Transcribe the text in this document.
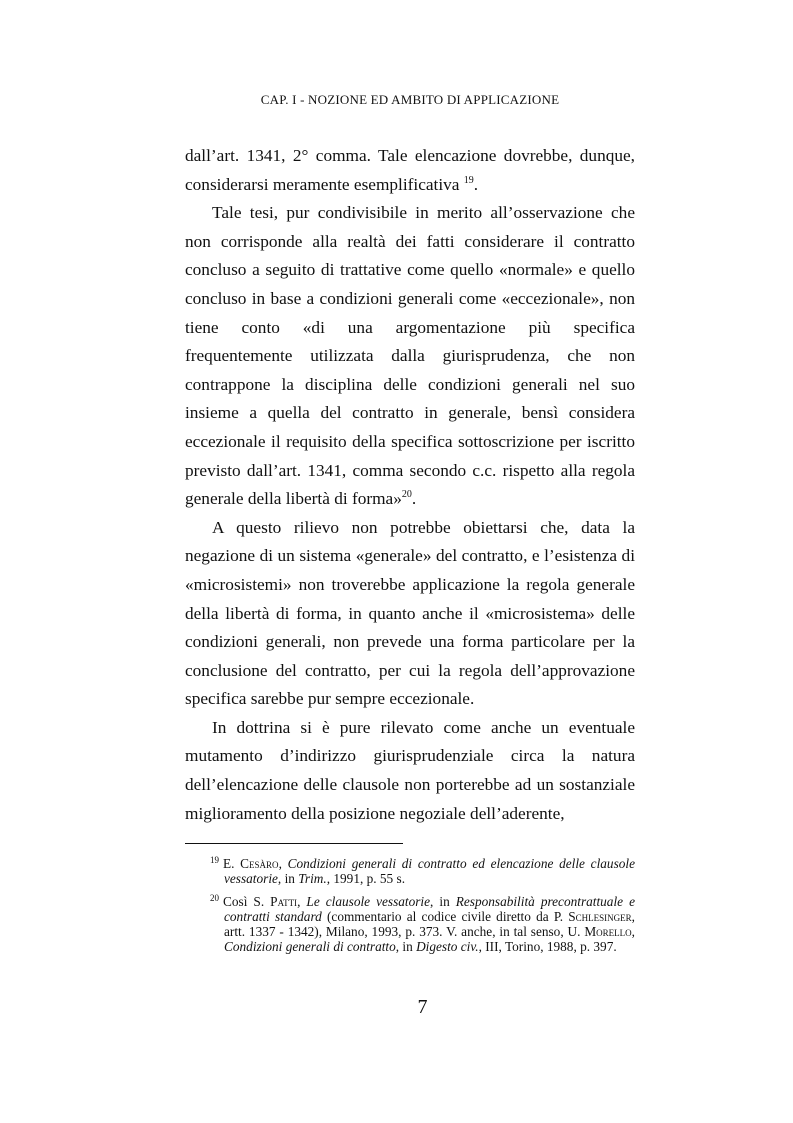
CAP. I - NOZIONE ED AMBITO DI APPLICAZIONE

dall’art. 1341, 2° comma. Tale elencazione dovrebbe, dunque, considerarsi meramente esemplificativa $^{19}$.

Tale tesi, pur condivisibile in merito all’osservazione che non corrisponde alla realtà dei fatti considerare il contratto concluso a seguito di trattative come quello «normale» e quello concluso in base a condizioni generali come «eccezionale», non tiene conto «di una argomentazione più specifica frequentemente utilizzata dalla giurisprudenza, che non contrappone la disciplina delle condizioni generali nel suo insieme a quella del contratto in generale, bensì considera eccezionale il requisito della specifica sottoscrizione per iscritto previsto dall’art. 1341, comma secondo c.c. rispetto alla regola generale della libertà di forma»$^{20}$.

A questo rilievo non potrebbe obiettarsi che, data la negazione di un sistema «generale» del contratto, e l’esistenza di «microsistemi» non troverebbe applicazione la regola generale della libertà di forma, in quanto anche il «microsistema» delle condizioni generali, non prevede una forma particolare per la conclusione del contratto, per cui la regola dell’approvazione specifica sarebbe pur sempre eccezionale.

In dottrina si è pure rilevato come anche un eventuale mutamento d’indirizzo giurisprudenziale circa la natura dell’elencazione delle clausole non porterebbe ad un sostanziale miglioramento della posizione negoziale dell’aderente,

$^{19}$ E. Cesàro, Condizioni generali di contratto ed elencazione delle clausole vessatorie, in Trim., 1991, p. 55 s.

$^{20}$ Così S. Patti, Le clausole vessatorie, in Responsabilità precontrattuale e contratti standard (commentario al codice civile diretto da P. Schlesinger, artt. 1337 - 1342), Milano, 1993, p. 373. V. anche, in tal senso, U. Morello, Condizioni generali di contratto, in Digesto civ., III, Torino, 1988, p. 397.

7
